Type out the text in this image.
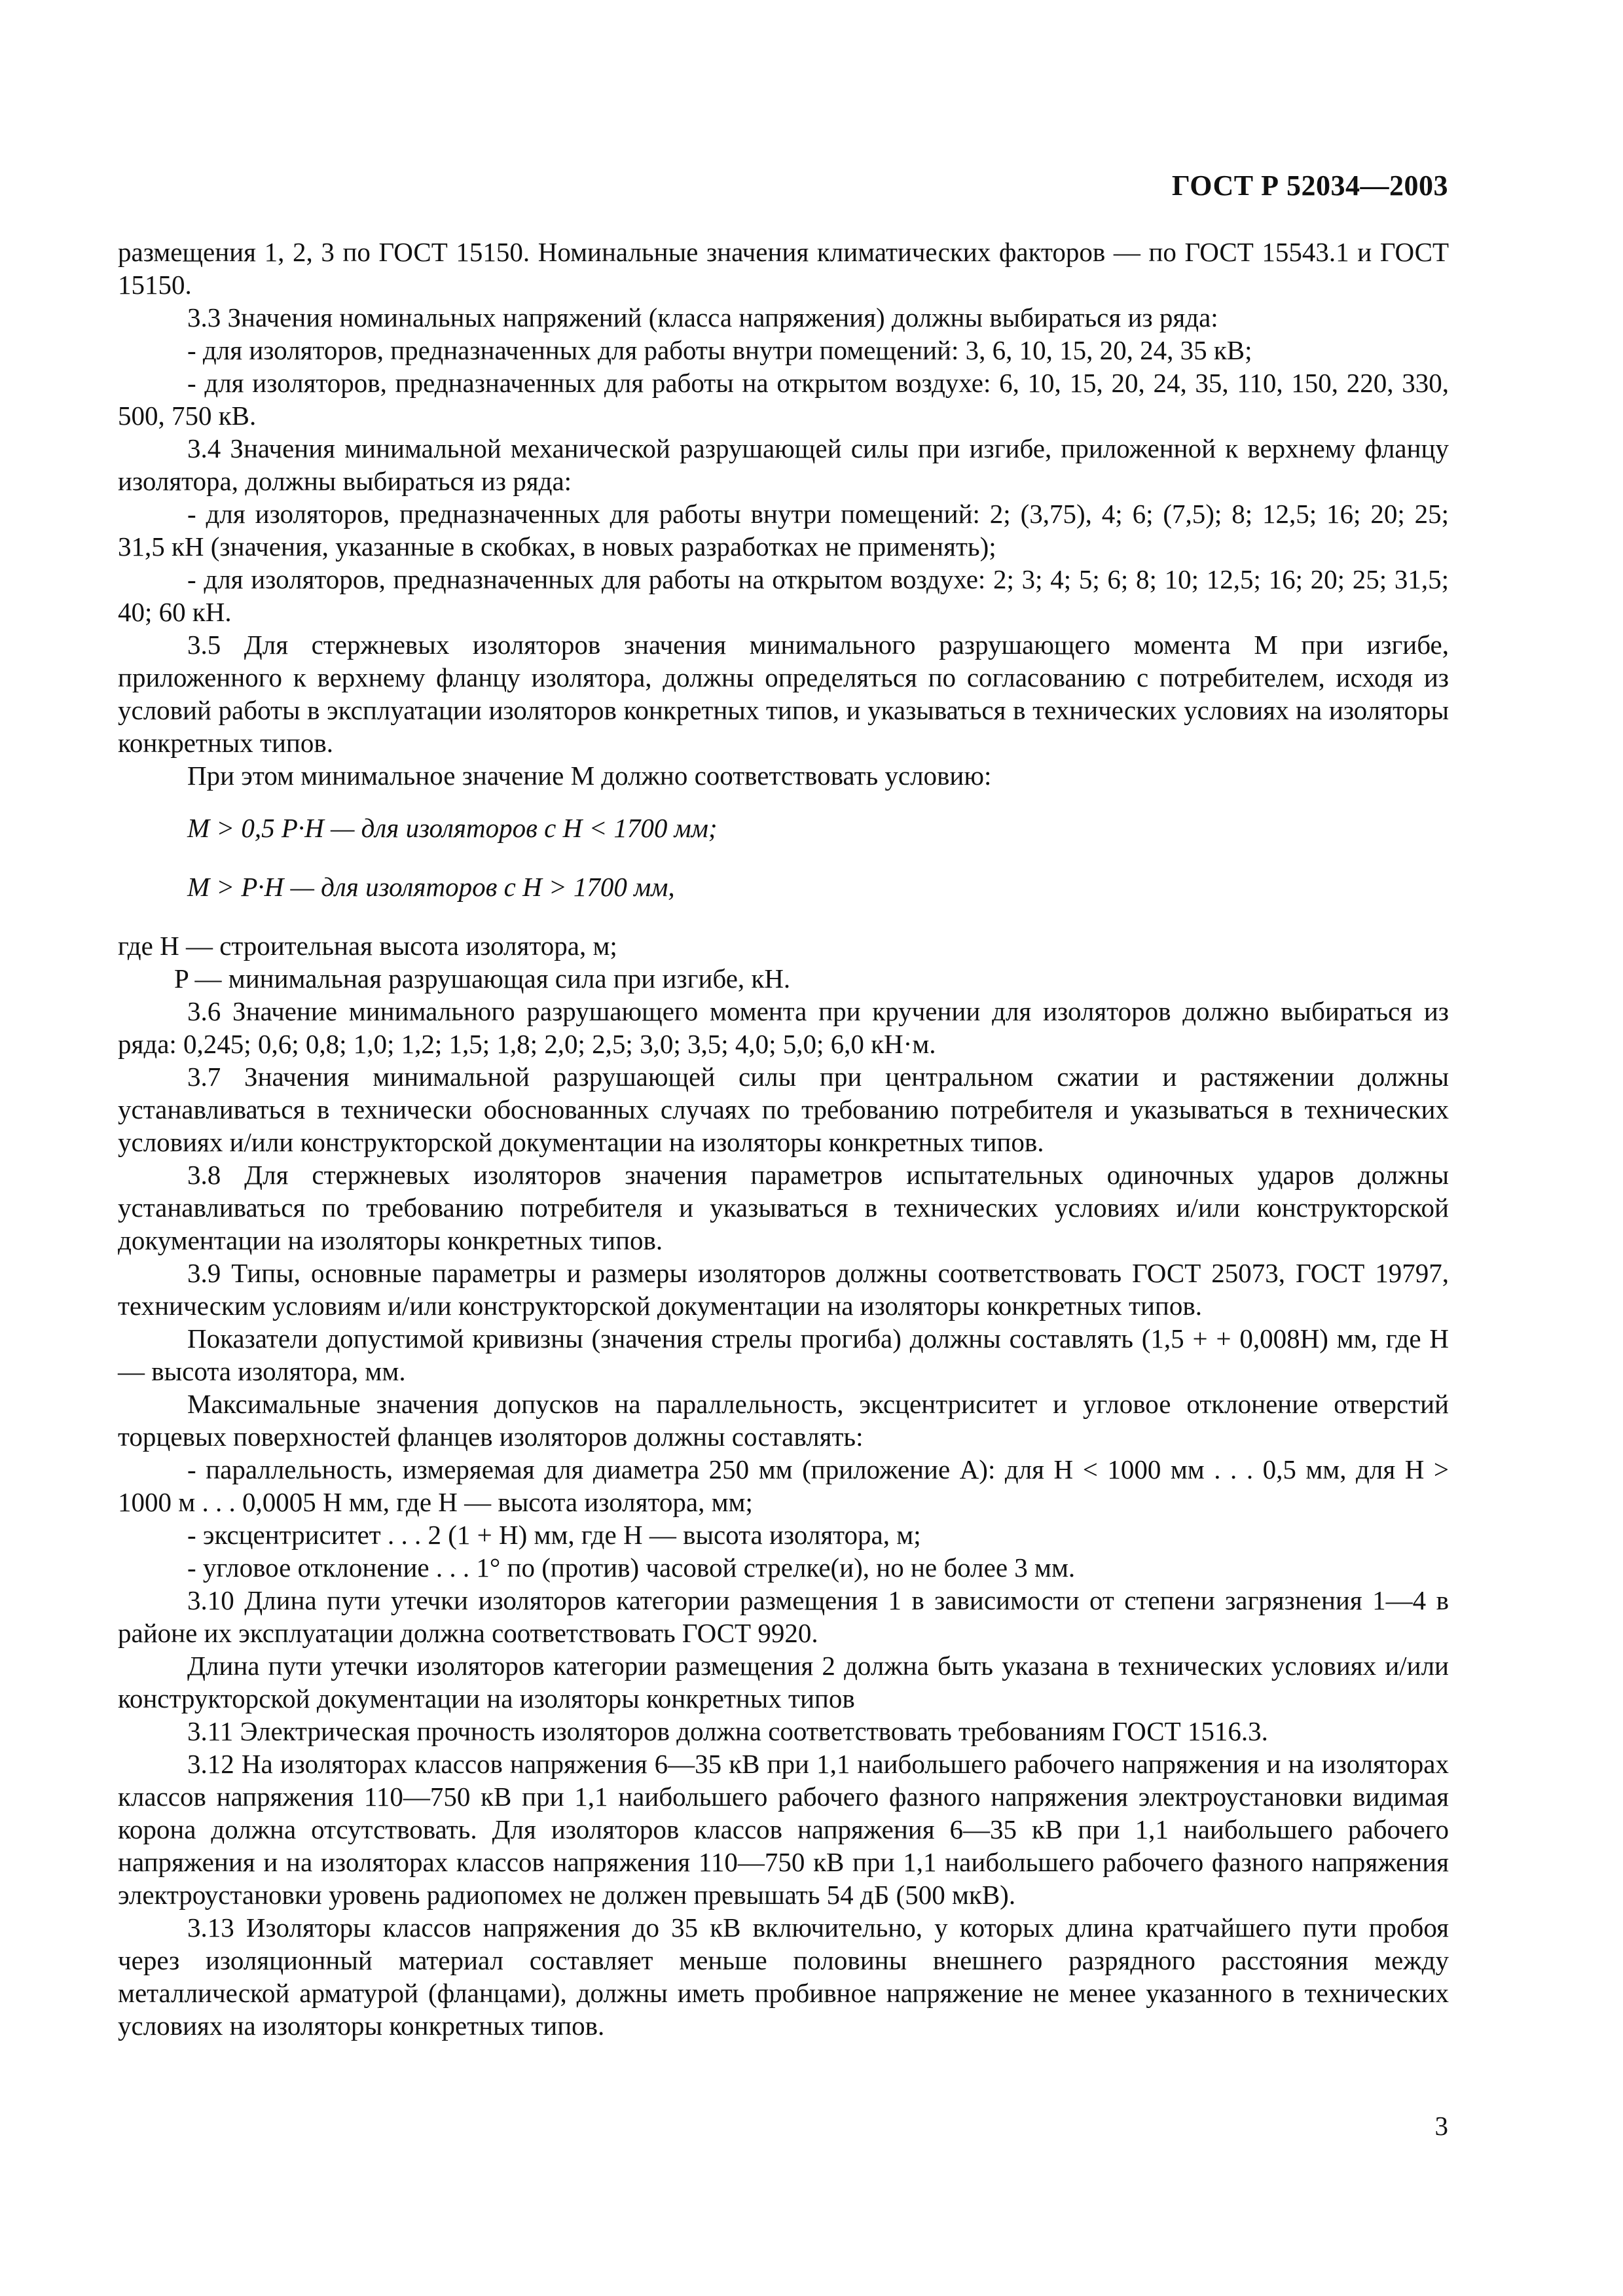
ГОСТ Р 52034—2003

размещения 1, 2, 3 по ГОСТ 15150. Номинальные значения климатических факторов — по ГОСТ 15543.1 и ГОСТ 15150.

3.3 Значения номинальных напряжений (класса напряжения) должны выбираться из ряда:

- для изоляторов, предназначенных для работы внутри помещений: 3, 6, 10, 15, 20, 24, 35 кВ;

- для изоляторов, предназначенных для работы на открытом воздухе: 6, 10, 15, 20, 24, 35, 110, 150, 220, 330, 500, 750 кВ.

3.4 Значения минимальной механической разрушающей силы при изгибе, приложенной к верхнему фланцу изолятора, должны выбираться из ряда:

- для изоляторов, предназначенных для работы внутри помещений: 2; (3,75), 4; 6; (7,5); 8; 12,5; 16; 20; 25; 31,5 кН (значения, указанные в скобках, в новых разработках не применять);

- для изоляторов, предназначенных для работы на открытом воздухе: 2; 3; 4; 5; 6; 8; 10; 12,5; 16; 20; 25; 31,5; 40; 60 кН.

3.5 Для стержневых изоляторов значения минимального разрушающего момента M при изгибе, приложенного к верхнему фланцу изолятора, должны определяться по согласованию с потребителем, исходя из условий работы в эксплуатации изоляторов конкретных типов, и указываться в технических условиях на изоляторы конкретных типов.

При этом минимальное значение M должно соответствовать условию:

M > 0,5 P·H — для изоляторов с H < 1700 мм;

M > P·H — для изоляторов с H > 1700 мм,

где H — строительная высота изолятора, м;

P — минимальная разрушающая сила при изгибе, кН.

3.6 Значение минимального разрушающего момента при кручении для изоляторов должно выбираться из ряда: 0,245; 0,6; 0,8; 1,0; 1,2; 1,5; 1,8; 2,0; 2,5; 3,0; 3,5; 4,0; 5,0; 6,0 кН·м.

3.7 Значения минимальной разрушающей силы при центральном сжатии и растяжении должны устанавливаться в технически обоснованных случаях по требованию потребителя и указываться в технических условиях и/или конструкторской документации на изоляторы конкретных типов.

3.8 Для стержневых изоляторов значения параметров испытательных одиночных ударов должны устанавливаться по требованию потребителя и указываться в технических условиях и/или конструкторской документации на изоляторы конкретных типов.

3.9 Типы, основные параметры и размеры изоляторов должны соответствовать ГОСТ 25073, ГОСТ 19797, техническим условиям и/или конструкторской документации на изоляторы конкретных типов.

Показатели допустимой кривизны (значения стрелы прогиба) должны составлять (1,5 + + 0,008H) мм, где H — высота изолятора, мм.

Максимальные значения допусков на параллельность, эксцентриситет и угловое отклонение отверстий торцевых поверхностей фланцев изоляторов должны составлять:

- параллельность, измеряемая для диаметра 250 мм (приложение А): для H < 1000 мм . . . 0,5 мм, для H > 1000 м . . . 0,0005 H мм, где H — высота изолятора, мм;

- эксцентриситет . . . 2 (1 + H) мм, где H — высота изолятора, м;

- угловое отклонение . . . 1° по (против) часовой стрелке(и), но не более 3 мм.

3.10 Длина пути утечки изоляторов категории размещения 1 в зависимости от степени загрязнения 1—4 в районе их эксплуатации должна соответствовать ГОСТ 9920.

Длина пути утечки изоляторов категории размещения 2 должна быть указана в технических условиях и/или конструкторской документации на изоляторы конкретных типов

3.11 Электрическая прочность изоляторов должна соответствовать требованиям ГОСТ 1516.3.

3.12 На изоляторах классов напряжения 6—35 кВ при 1,1 наибольшего рабочего напряжения и на изоляторах классов напряжения 110—750 кВ при 1,1 наибольшего рабочего фазного напряжения электроустановки видимая корона должна отсутствовать. Для изоляторов классов напряжения 6—35 кВ при 1,1 наибольшего рабочего напряжения и на изоляторах классов напряжения 110—750 кВ при 1,1 наибольшего рабочего фазного напряжения электроустановки уровень радиопомех не должен превышать 54 дБ (500 мкВ).

3.13 Изоляторы классов напряжения до 35 кВ включительно, у которых длина кратчайшего пути пробоя через изоляционный материал составляет меньше половины внешнего разрядного расстояния между металлической арматурой (фланцами), должны иметь пробивное напряжение не менее указанного в технических условиях на изоляторы конкретных типов.

3
